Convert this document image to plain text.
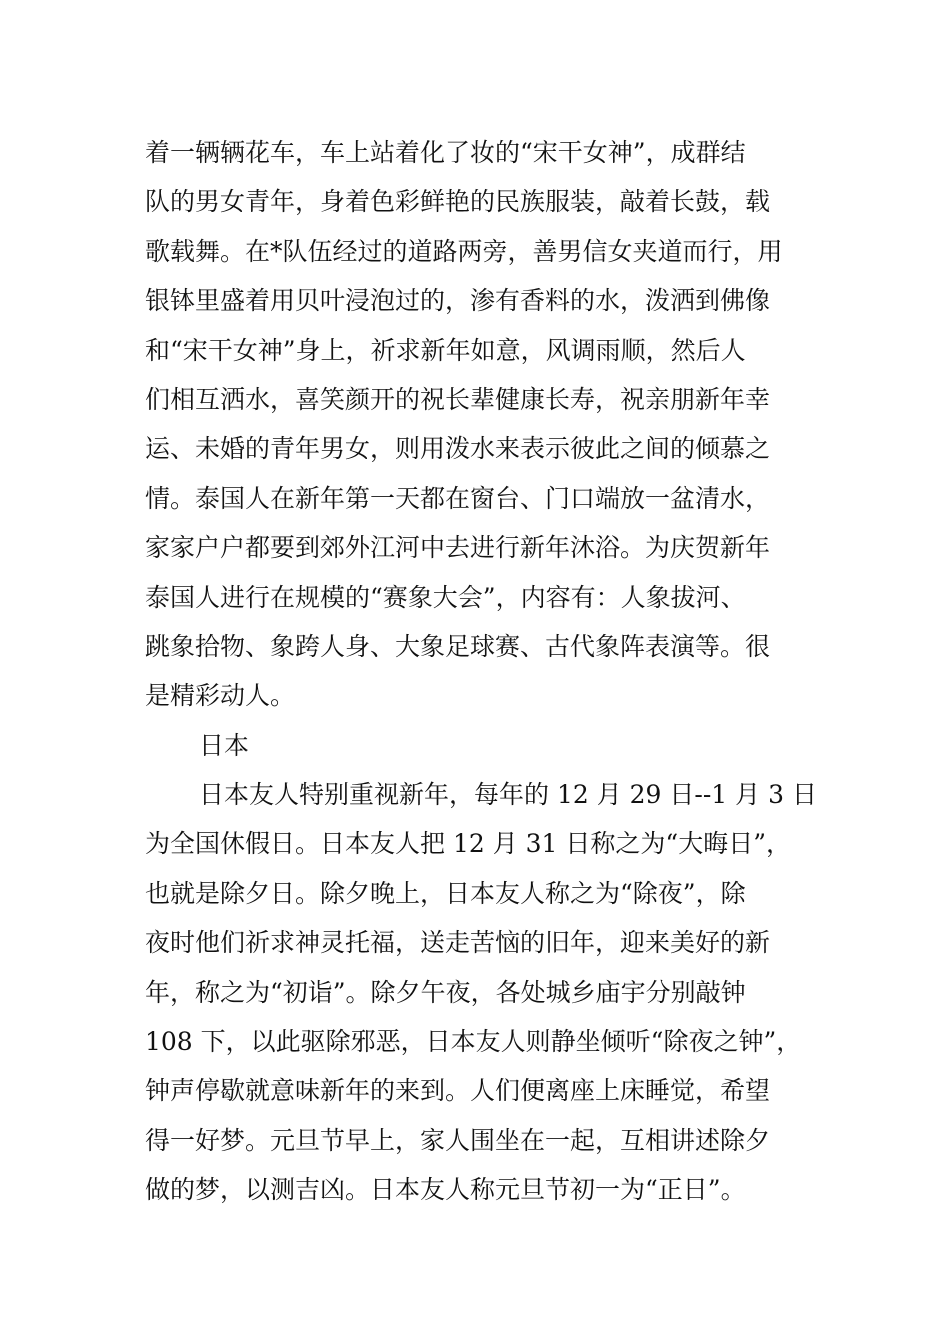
着一辆辆花车，车上站着化了妆的“宋干女神”，成群结
队的男女青年，身着色彩鲜艳的民族服装，敲着长鼓，载
歌载舞。在*队伍经过的道路两旁，善男信女夹道而行，用
银钵里盛着用贝叶浸泡过的，渗有香料的水，泼洒到佛像
和“宋干女神”身上，祈求新年如意，风调雨顺，然后人
们相互洒水，喜笑颜开的祝长辈健康长寿，祝亲朋新年幸
运、未婚的青年男女，则用泼水来表示彼此之间的倾慕之
情。泰国人在新年第一天都在窗台、门口端放一盆清水，
家家户户都要到郊外江河中去进行新年沐浴。为庆贺新年
泰国人进行在规模的“赛象大会”，内容有：人象拔河、
跳象拾物、象跨人身、大象足球赛、古代象阵表演等。很
是精彩动人。
日本
日本友人特别重视新年，每年的 12 月 29 日--1 月 3 日
为全国休假日。日本友人把 12 月 31 日称之为“大晦日”，
也就是除夕日。除夕晚上，日本友人称之为“除夜”，除
夜时他们祈求神灵托福，送走苦恼的旧年，迎来美好的新
年，称之为“初诣”。除夕午夜，各处城乡庙宇分别敲钟
108 下，以此驱除邪恶，日本友人则静坐倾听“除夜之钟”，
钟声停歇就意味新年的来到。人们便离座上床睡觉，希望
得一好梦。元旦节早上，家人围坐在一起，互相讲述除夕
做的梦，以测吉凶。日本友人称元旦节初一为“正日”。
